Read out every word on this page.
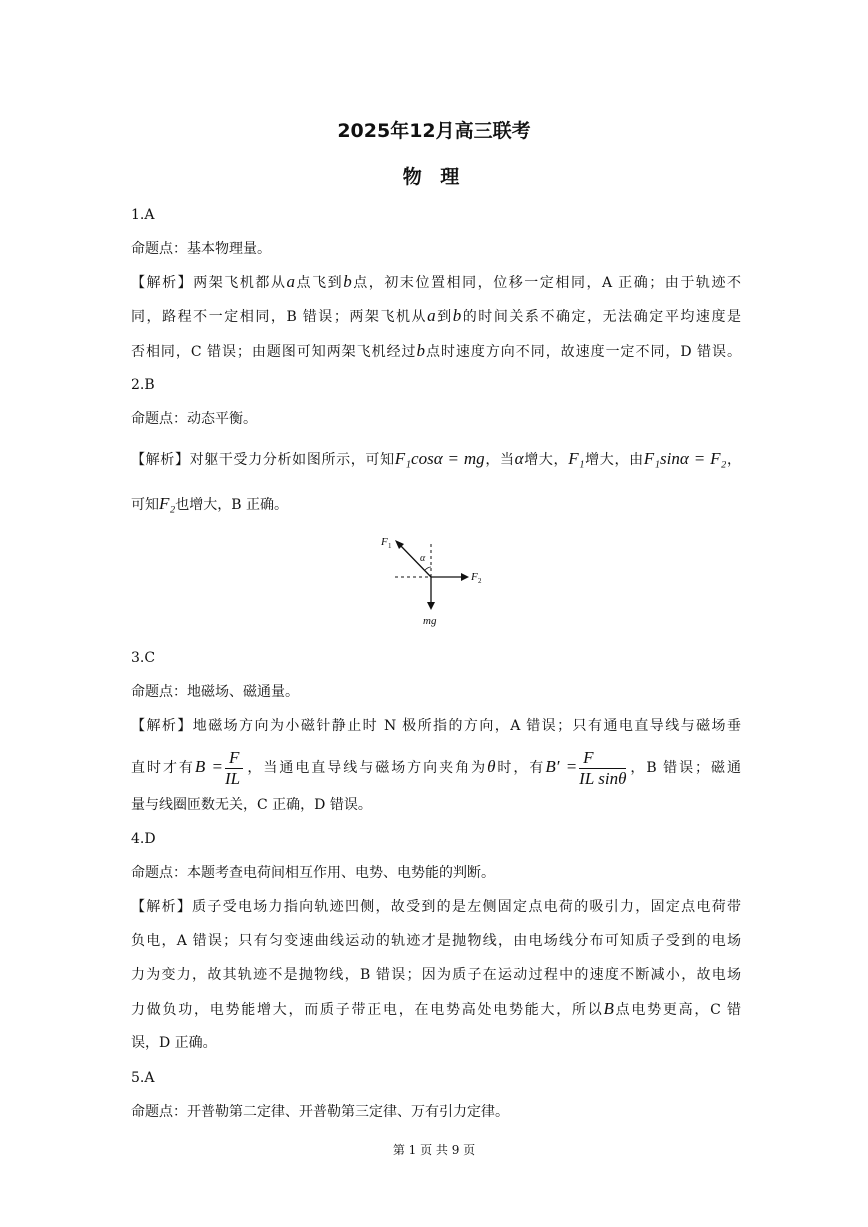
2025年12月高三联考
物 理
1.A
命题点：基本物理量。
【解析】两架飞机都从a点飞到b点，初末位置相同，位移一定相同，A 正确；由于轨迹不
同，路程不一定相同，B 错误；两架飞机从a到b的时间关系不确定，无法确定平均速度是
否相同，C 错误；由题图可知两架飞机经过b点时速度方向不同，故速度一定不同，D 错误。
2.B
命题点：动态平衡。
【解析】对躯干受力分析如图所示，可知F₁cosα = mg，当α增大，F₁增大，由F₁sinα = F₂，
可知F₂也增大，B 正确。
F 1
α
F 2
mg
3.C
命题点：地磁场、磁通量。
【解析】地磁场方向为小磁针静止时 N 极所指的方向，A 错误；只有通电直导线与磁场垂
直时才有$B = \frac{F}{IL}$ ，当通电直导线与磁场方向夹角为θ时，有$B' = \frac{F}{\text{IL sinθ}}$ ，B 错误；磁通
量与线圈匝数无关，C 正确，D 错误。
4.D
命题点：本题考查电荷间相互作用、电势、电势能的判断。
【解析】质子受电场力指向轨迹凹侧，故受到的是左侧固定点电荷的吸引力，固定点电荷带
负电，A 错误；只有匀变速曲线运动的轨迹才是抛物线，由电场线分布可知质子受到的电场
力为变力，故其轨迹不是抛物线，B 错误；因为质子在运动过程中的速度不断减小，故电场
力做负功，电势能增大，而质子带正电，在电势高处电势能大，所以B点电势更高，C 错
误，D 正确。
5.A
命题点：开普勒第二定律、开普勒第三定律、万有引力定律。
第 1 页 共 9 页
